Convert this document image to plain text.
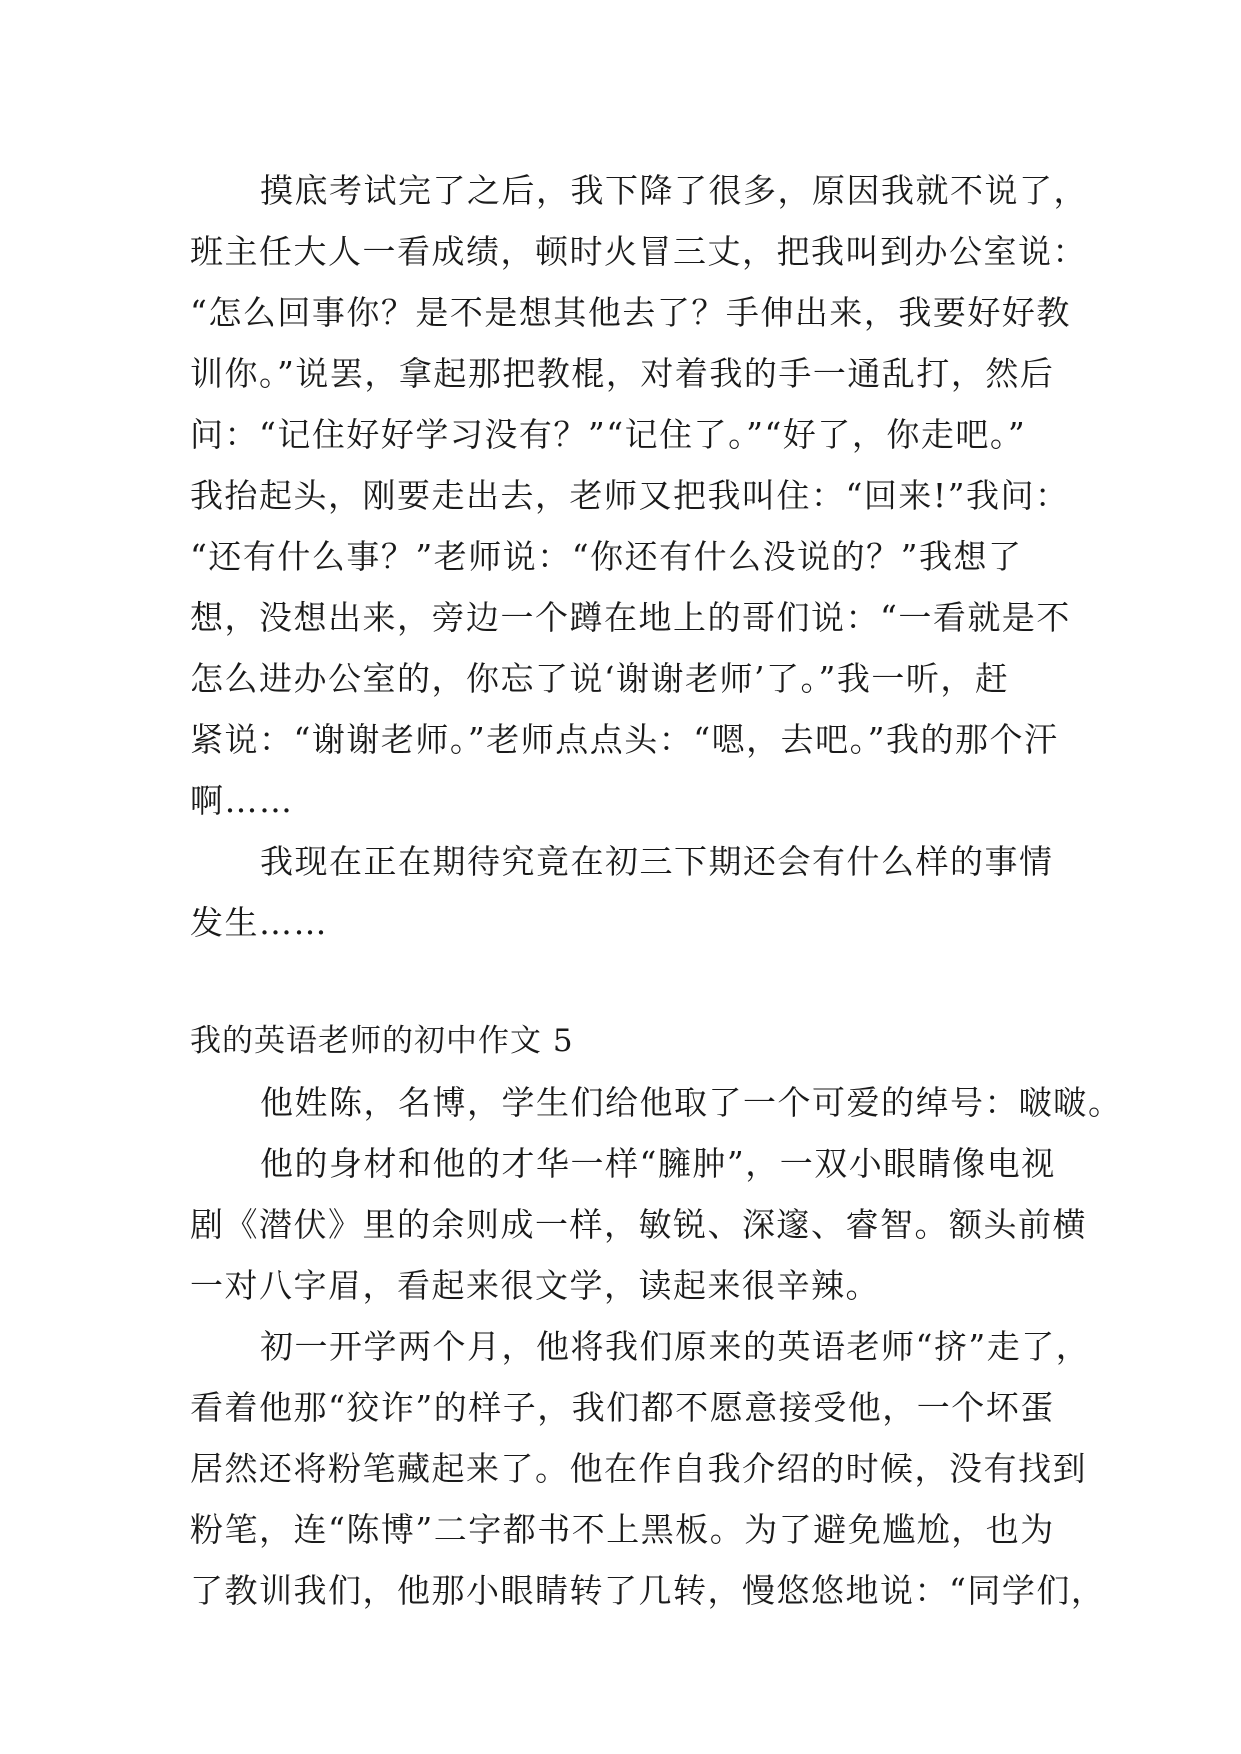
摸底考试完了之后，我下降了很多，原因我就不说了，
班主任大人一看成绩，顿时火冒三丈，把我叫到办公室说：
“怎么回事你？是不是想其他去了？手伸出来，我要好好教
训你。”说罢，拿起那把教棍，对着我的手一通乱打，然后
问：“记住好好学习没有？”“记住了。”“好了，你走吧。”
我抬起头，刚要走出去，老师又把我叫住：“回来!”我问：
“还有什么事？”老师说：“你还有什么没说的？”我想了
想，没想出来，旁边一个蹲在地上的哥们说：“一看就是不
怎么进办公室的，你忘了说‘谢谢老师’了。”我一听，赶
紧说：“谢谢老师。”老师点点头：“嗯，去吧。”我的那个汗
啊……
我现在正在期待究竟在初三下期还会有什么样的事情
发生……
我的英语老师的初中作文 5
他姓陈，名博，学生们给他取了一个可爱的绰号：啵啵。
他的身材和他的才华一样“臃肿”，一双小眼睛像电视
剧《潜伏》里的余则成一样，敏锐、深邃、睿智。额头前横
一对八字眉，看起来很文学，读起来很辛辣。
初一开学两个月，他将我们原来的英语老师“挤”走了，
看着他那“狡诈”的样子，我们都不愿意接受他，一个坏蛋
居然还将粉笔藏起来了。他在作自我介绍的时候，没有找到
粉笔，连“陈博”二字都书不上黑板。为了避免尴尬，也为
了教训我们，他那小眼睛转了几转，慢悠悠地说：“同学们，
